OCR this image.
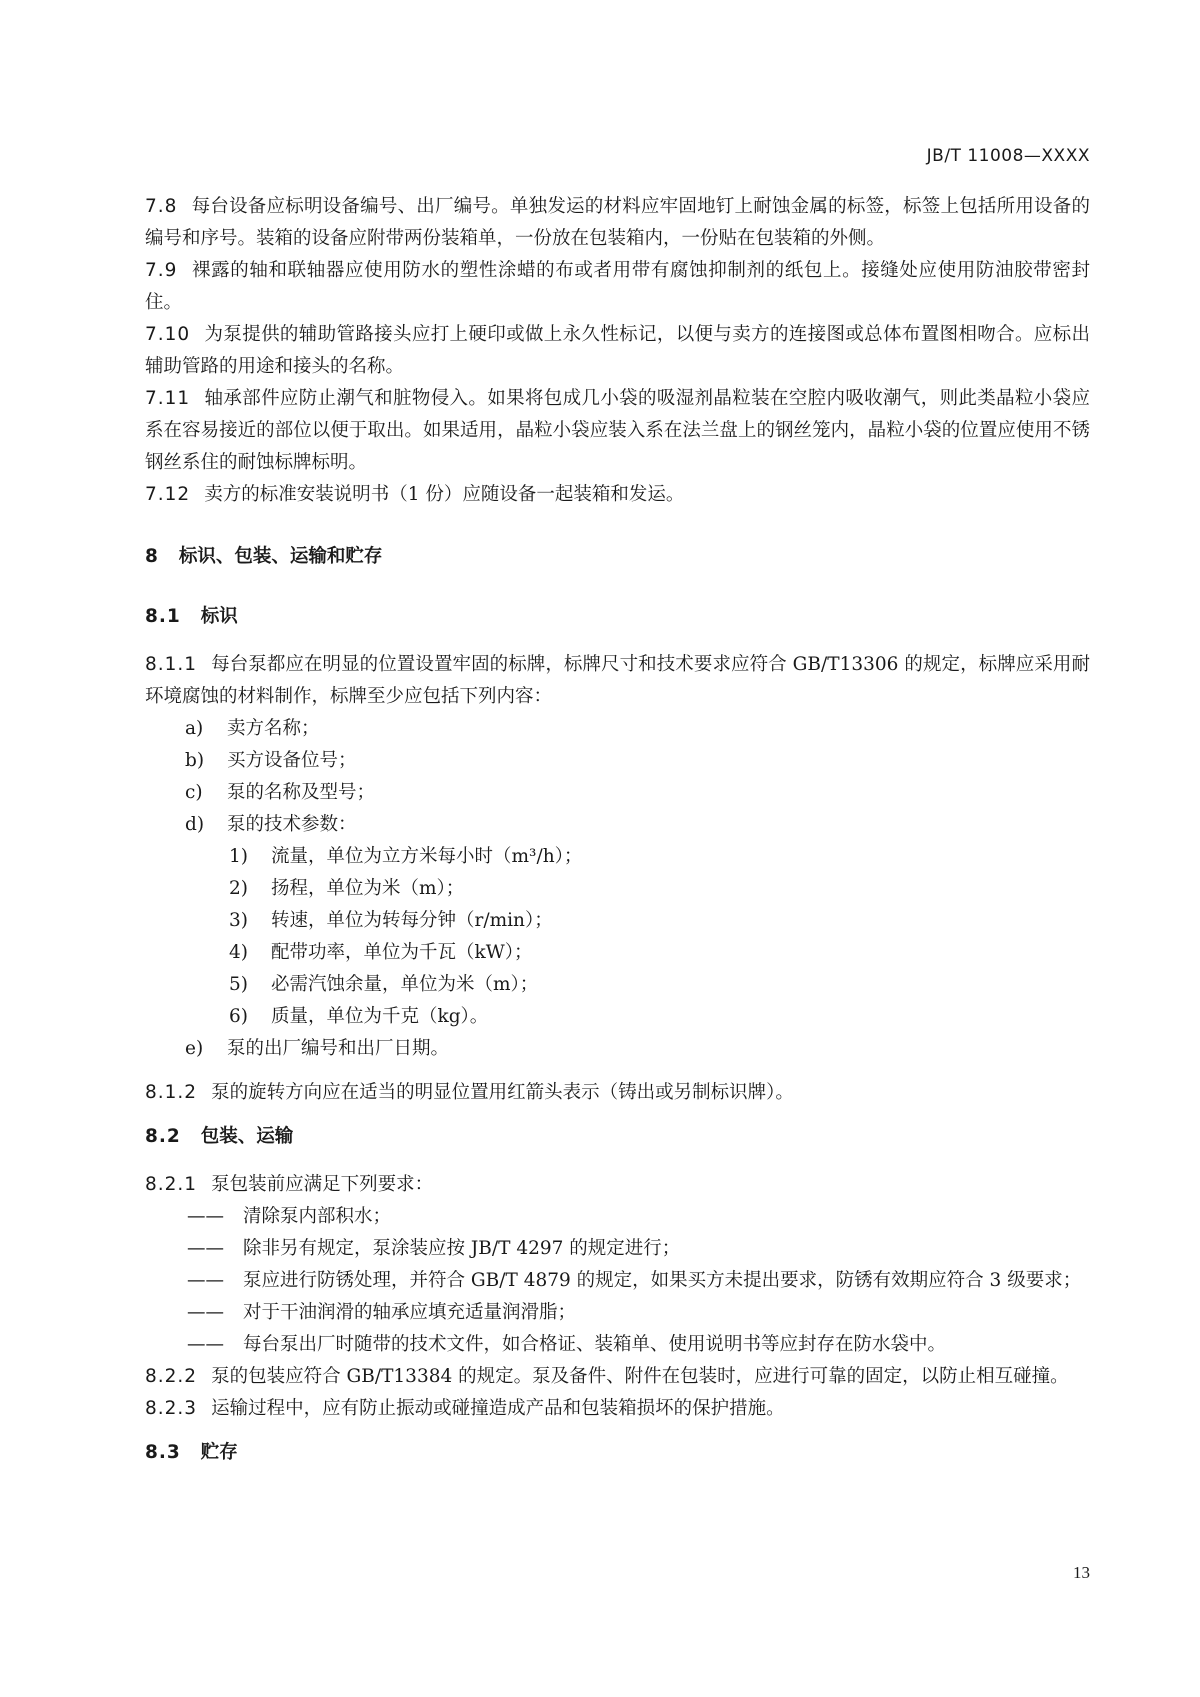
JB/T 11008—XXXX

7.8 每台设备应标明设备编号、出厂编号。单独发运的材料应牢固地钉上耐蚀金属的标签，标签上包括所用设备的编号和序号。装箱的设备应附带两份装箱单，一份放在包装箱内，一份贴在包装箱的外侧。

7.9 裸露的轴和联轴器应使用防水的塑性涂蜡的布或者用带有腐蚀抑制剂的纸包上。接缝处应使用防油胶带密封住。

7.10 为泵提供的辅助管路接头应打上硬印或做上永久性标记，以便与卖方的连接图或总体布置图相吻合。应标出辅助管路的用途和接头的名称。

7.11 轴承部件应防止潮气和脏物侵入。如果将包成几小袋的吸湿剂晶粒装在空腔内吸收潮气，则此类晶粒小袋应系在容易接近的部位以便于取出。如果适用，晶粒小袋应装入系在法兰盘上的钢丝笼内，晶粒小袋的位置应使用不锈钢丝系住的耐蚀标牌标明。

7.12 卖方的标准安装说明书（1 份）应随设备一起装箱和发运。

8 标识、包装、运输和贮存

8.1 标识

8.1.1 每台泵都应在明显的位置设置牢固的标牌，标牌尺寸和技术要求应符合 GB/T13306 的规定，标牌应采用耐环境腐蚀的材料制作，标牌至少应包括下列内容：

a) 卖方名称；
b) 买方设备位号；
c) 泵的名称及型号；
d) 泵的技术参数：
1) 流量，单位为立方米每小时（m³/h）；
2) 扬程，单位为米（m）；
3) 转速，单位为转每分钟（r/min）；
4) 配带功率，单位为千瓦（kW）；
5) 必需汽蚀余量，单位为米（m）；
6) 质量，单位为千克（kg）。
e) 泵的出厂编号和出厂日期。

8.1.2 泵的旋转方向应在适当的明显位置用红箭头表示（铸出或另制标识牌）。

8.2 包装、运输

8.2.1 泵包装前应满足下列要求：

—— 清除泵内部积水；

—— 除非另有规定，泵涂装应按 JB/T 4297 的规定进行；

—— 泵应进行防锈处理，并符合 GB/T 4879 的规定，如果买方未提出要求，防锈有效期应符合 3 级要求；

—— 对于干油润滑的轴承应填充适量润滑脂；

—— 每台泵出厂时随带的技术文件，如合格证、装箱单、使用说明书等应封存在防水袋中。

8.2.2 泵的包装应符合 GB/T13384 的规定。泵及备件、附件在包装时，应进行可靠的固定，以防止相互碰撞。

8.2.3 运输过程中，应有防止振动或碰撞造成产品和包装箱损坏的保护措施。

8.3 贮存

13
